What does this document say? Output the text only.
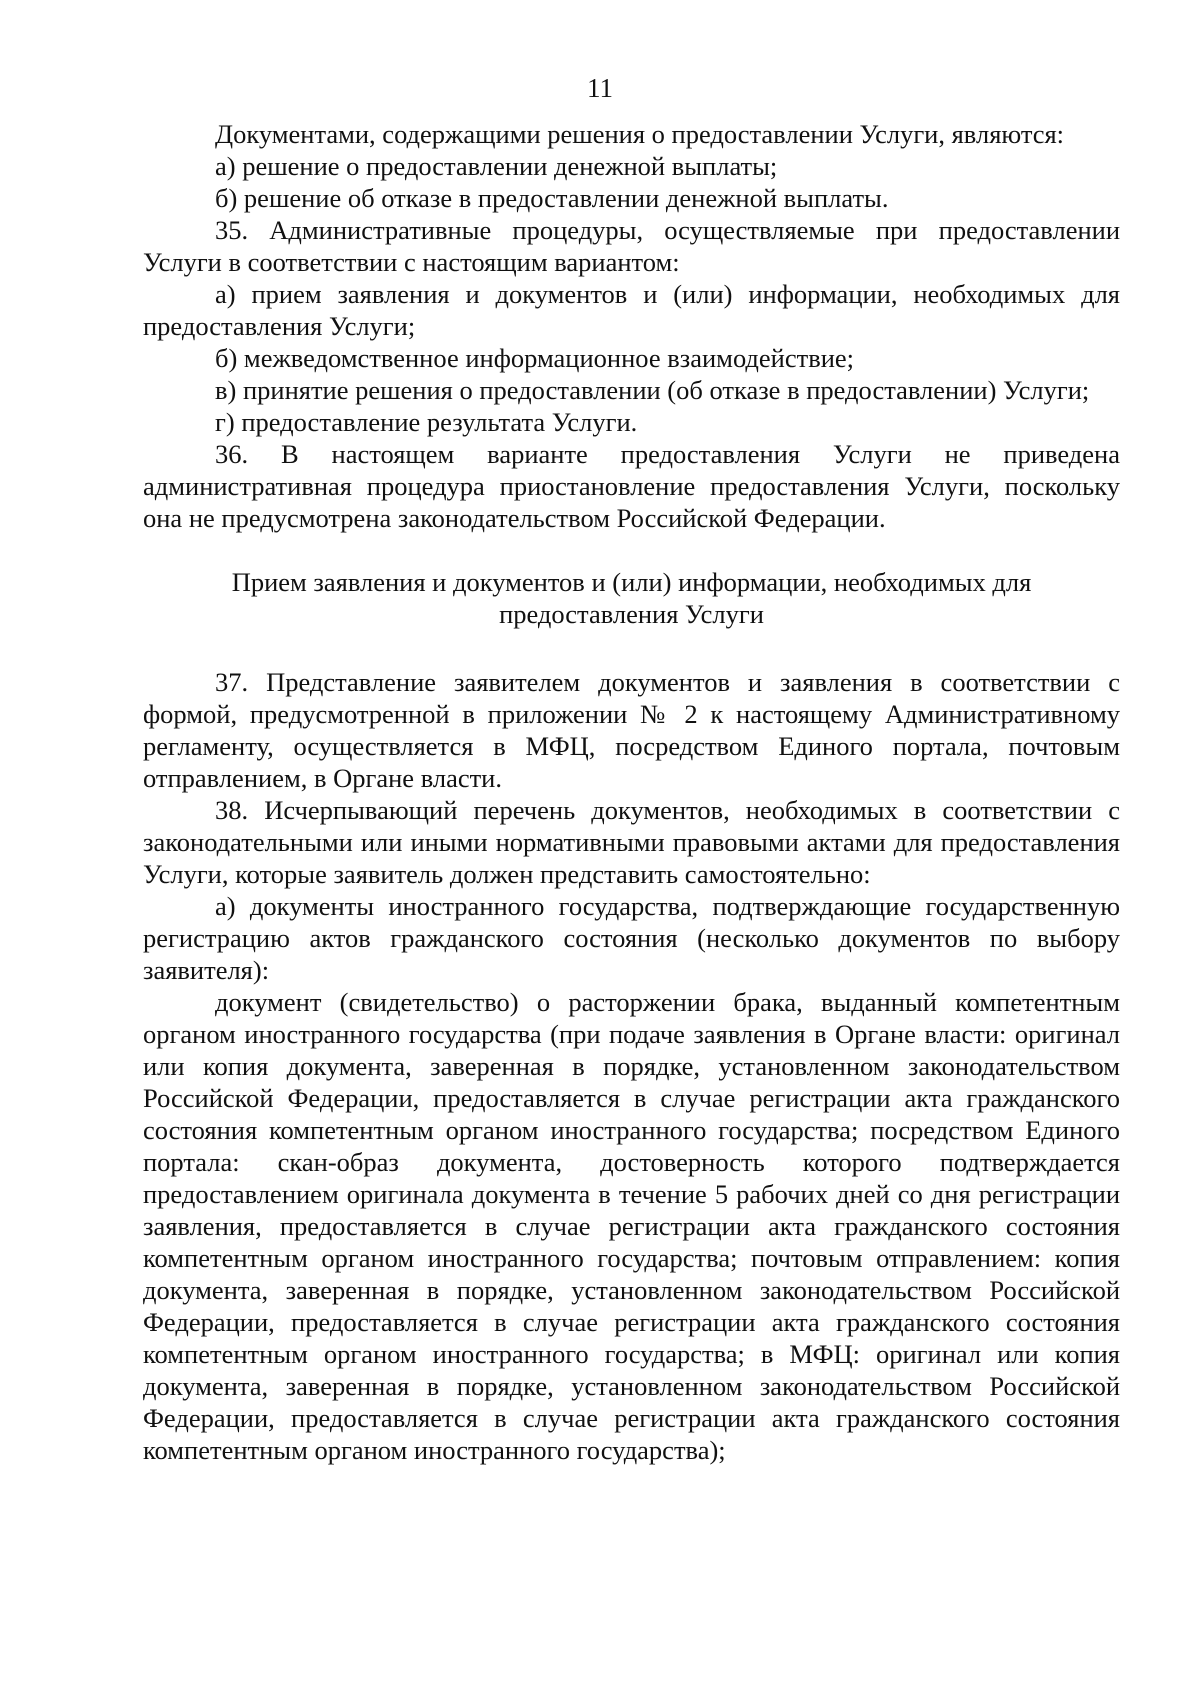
11

Документами, содержащими решения о предоставлении Услуги, являются:

а) решение о предоставлении денежной выплаты;

б) решение об отказе в предоставлении денежной выплаты.

35. Административные процедуры, осуществляемые при предоставлении Услуги в соответствии с настоящим вариантом:

а) прием заявления и документов и (или) информации, необходимых для предоставления Услуги;

б) межведомственное информационное взаимодействие;

в) принятие решения о предоставлении (об отказе в предоставлении) Услуги;

г) предоставление результата Услуги.

36. В настоящем варианте предоставления Услуги не приведена административная процедура приостановление предоставления Услуги, поскольку она не предусмотрена законодательством Российской Федерации.

Прием заявления и документов и (или) информации, необходимых для предоставления Услуги

37. Представление заявителем документов и заявления в соответствии с формой, предусмотренной в приложении № 2 к настоящему Административному регламенту, осуществляется в МФЦ, посредством Единого портала, почтовым отправлением, в Органе власти.

38. Исчерпывающий перечень документов, необходимых в соответствии с законодательными или иными нормативными правовыми актами для предоставления Услуги, которые заявитель должен представить самостоятельно:

а) документы иностранного государства, подтверждающие государственную регистрацию актов гражданского состояния (несколько документов по выбору заявителя):

документ (свидетельство) о расторжении брака, выданный компетентным органом иностранного государства (при подаче заявления в Органе власти: оригинал или копия документа, заверенная в порядке, установленном законодательством Российской Федерации, предоставляется в случае регистрации акта гражданского состояния компетентным органом иностранного государства; посредством Единого портала: скан-образ документа, достоверность которого подтверждается предоставлением оригинала документа в течение 5 рабочих дней со дня регистрации заявления, предоставляется в случае регистрации акта гражданского состояния компетентным органом иностранного государства; почтовым отправлением: копия документа, заверенная в порядке, установленном законодательством Российской Федерации, предоставляется в случае регистрации акта гражданского состояния компетентным органом иностранного государства; в МФЦ: оригинал или копия документа, заверенная в порядке, установленном законодательством Российской Федерации, предоставляется в случае регистрации акта гражданского состояния компетентным органом иностранного государства);
